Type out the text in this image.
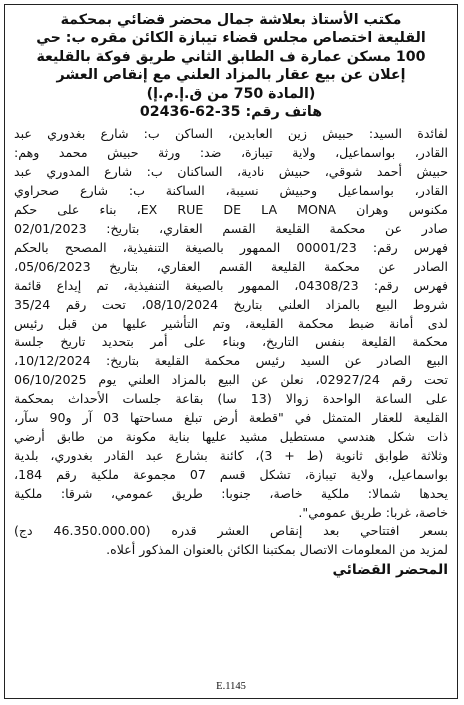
مكتب الأستاذ بعلاشة جمال محضر قضائي بمحكمة
القليعة اختصاص مجلس قضاء تيبازة الكائن مقره ب: حي
100 مسكن عمارة ف الطابق الثاني طريق فوكة بالقليعة
إعلان عن بيع عقار بالمزاد العلني مع إنقاص العشر
(المادة 750 من ق.إ.م.إ)
هاتف رقم: 35-62-02436
لفائدة السيد: حبيش زين العابدين، الساكن ب: شارع بغدوري عبد
القادر، بواسماعيل، ولاية تيبازة، ضد: ورثة حبيش محمد وهم:
حبيش أحمد شوقي، حبيش نادية، الساكنان ب: شارع المدوري عبد
القادر، بواسماعيل وحبيش نسيبة، الساكنة ب: شارع صحراوي
مكنوس وهران EX RUE DE LA MONA، بناء على حكم
صادر عن محكمة القليعة القسم العقاري، بتاريخ: 02/01/2023
فهرس رقم: 00001/23 الممهور بالصيغة التنفيذية، المصحح بالحكم
الصادر عن محكمة القليعة القسم العقاري، بتاريخ 05/06/2023،
فهرس رقم: 04308/23، الممهور بالصيغة التنفيذية، تم إيداع قائمة
شروط البيع بالمزاد العلني بتاريخ 08/10/2024، تحت رقم 35/24
لدى أمانة ضبط محكمة القليعة، وتم التأشير عليها من قبل رئيس
محكمة القليعة بنفس التاريخ، وبناء على أمر بتحديد تاريخ جلسة
البيع الصادر عن السيد رئيس محكمة القليعة بتاريخ: 10/12/2024،
تحت رقم 02927/24، نعلن عن البيع بالمزاد العلني يوم 06/10/2025
على الساعة الواحدة زوالا (13 سا) بقاعة جلسات الأحداث بمحكمة
القليعة للعقار المتمثل في "قطعة أرض تبلغ مساحتها 03 آر و90 سآر،
ذات شكل هندسي مستطيل مشيد عليها بناية مكونة من طابق أرضي
وثلاثة طوابق ثانوية (ط + 3)، كائنة بشارع عبد القادر بغدوري، بلدية
بواسماعيل، ولاية تيبازة، تشكل قسم 07 مجموعة ملكية رقم 184،
يحدها شمالا: ملكية خاصة، جنوبا: طريق عمومي، شرقا: ملكية
خاصة، غربا: طريق عمومي".
بسعر افتتاحي بعد إنقاص العشر قدره (46.350.000.00 دج)
لمزيد من المعلومات الاتصال بمكتبنا الكائن بالعنوان المذكور أعلاه.
المحضر القضائي
E.1145
